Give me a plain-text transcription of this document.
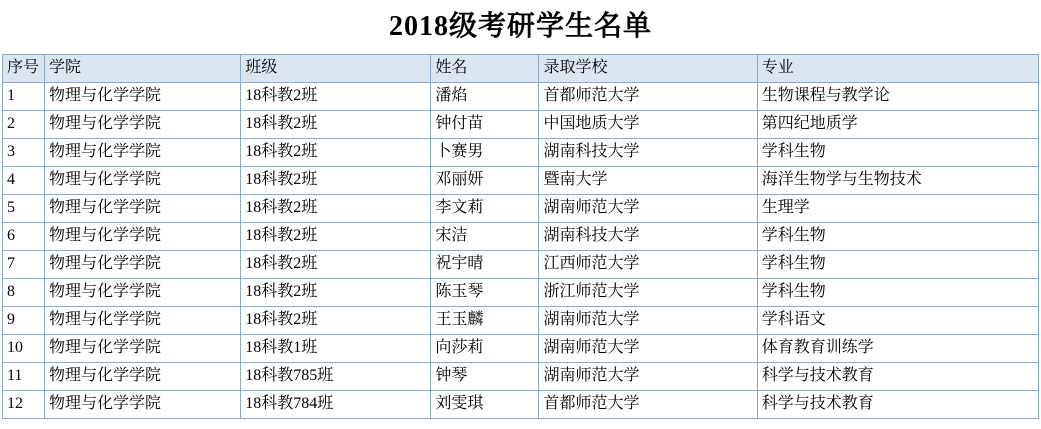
2018级考研学生名单
序号	学院	班级	姓名	录取学校	专业
1	物理与化学学院	18科教2班	潘焰	首都师范大学	生物课程与教学论
2	物理与化学学院	18科教2班	钟付苗	中国地质大学	第四纪地质学
3	物理与化学学院	18科教2班	卜赛男	湖南科技大学	学科生物
4	物理与化学学院	18科教2班	邓丽妍	暨南大学	海洋生物学与生物技术
5	物理与化学学院	18科教2班	李文莉	湖南师范大学	生理学
6	物理与化学学院	18科教2班	宋洁	湖南科技大学	学科生物
7	物理与化学学院	18科教2班	祝宇晴	江西师范大学	学科生物
8	物理与化学学院	18科教2班	陈玉琴	浙江师范大学	学科生物
9	物理与化学学院	18科教2班	王玉麟	湖南师范大学	学科语文
10	物理与化学学院	18科教1班	向莎莉	湖南师范大学	体育教育训练学
11	物理与化学学院	18科教785班	钟琴	湖南师范大学	科学与技术教育
12	物理与化学学院	18科教784班	刘雯琪	首都师范大学	科学与技术教育
